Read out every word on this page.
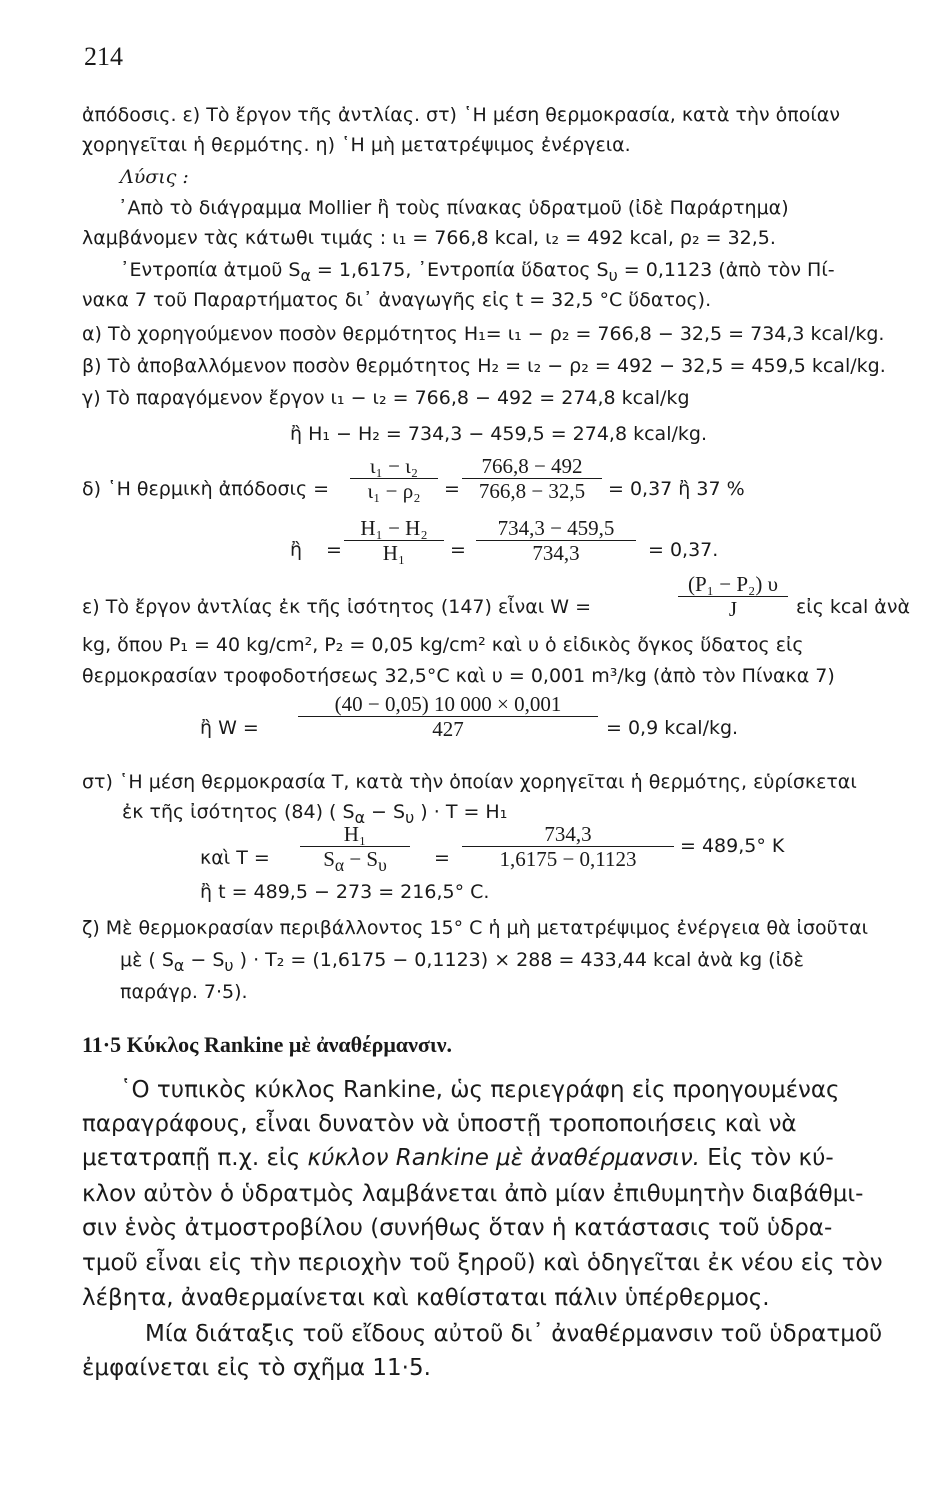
214
ἀπόδοσις. ε) Τὸ ἔργον τῆς ἀντλίας. στ) ῾Η μέση θερμοκρασία, κατὰ τὴν ὁποίαν
χορηγεῖται ἡ θερμότης. η) ῾Η μὴ μετατρέψιμος ἐνέργεια.
Λύσις :
᾿Απὸ τὸ διάγραμμα Mollier ἢ τοὺς πίνακας ὑδρατμοῦ (ἰδὲ Παράρτημα)
λαμβάνομεν τὰς κάτωθι τιμάς : ι₁ = 766,8 kcal, ι₂ = 492 kcal, ρ₂ = 32,5.
᾿Εντροπία ἀτμοῦ $S_\alpha = 1,6175$, ᾿Εντροπία ὕδατος $S_\upsilon = 0,1123$ (ἀπὸ τὸν Πί-
νακα 7 τοῦ Παραρτήματος δι᾿ ἀναγωγῆς εἰς t = 32,5 °C ὕδατος).
α) Τὸ χορηγούμενον ποσὸν θερμότητος H₁= ι₁ − ρ₂ = 766,8 − 32,5 = 734,3 kcal/kg.
β) Τὸ ἀποβαλλόμενον ποσὸν θερμότητος H₂ = ι₂ − ρ₂ = 492 − 32,5 = 459,5 kcal/kg.
γ) Τὸ παραγόμενον ἔργον ι₁ − ι₂ = 766,8 − 492 = 274,8 kcal/kg
ἢ H₁ − H₂ = 734,3 − 459,5 = 274,8 kcal/kg.
δ) ῾Η θερμικὴ ἀπόδοσις = $\frac{\text{ι₁ − ι₂}}{\text{ι₁ − ρ₂}} = \frac{766,8 - 492}{766,8 - 32,5} = 0,37$ ἢ 37 %
ἢ = $\frac{\text{H₁ − H₂}}{\text{H₁}} = \frac{734,3 - 459,5}{734,3} = 0,37$.
ε) Τὸ ἔργον ἀντλίας ἐκ τῆς ἰσότητος (147) εἶναι W =	$\frac{\text{(P₁ − P₂) υ}}{J}$ εἰς kcal ἀνὰ
kg, ὅπου P₁ = 40 kg/cm², P₂ = 0,05 kg/cm² καὶ υ ὁ εἰδικὸς ὄγκος ὕδατος εἰς
θερμοκρασίαν τροφοδοτήσεως 32,5°C καὶ υ = 0,001 m³/kg (ἀπὸ τὸν Πίνακα 7)
ἢ $W = \frac{(40 - 0,05) 10 000 \times 0,001}{427} = 0,9$ kcal/kg.
στ) ῾Η μέση θερμοκρασία T, κατὰ τὴν ὁποίαν χορηγεῖται ἡ θερμότης, εὑρίσκεται
ἐκ τῆς ἰσότητος (84) ( $S_\alpha - S_\upsilon$ ) · T = H₁
καὶ $T = \frac{\text{H₁}}{S_\alpha - S_\upsilon} = \frac{734,3}{1,6175 - 0,1123} = 489,5^\circ$ K
ἢ t = 489,5 − 273 = 216,5° C.
ζ) Μὲ θερμοκρασίαν περιβάλλοντος 15° C ἡ μὴ μετατρέψιμος ἐνέργεια θὰ ἰσοῦται
μὲ ( $S_\alpha - S_\upsilon$ ) · T₂ = (1,6175 − 0,1123) × 288 = 433,44 kcal ἀνὰ kg (ἰδὲ
παράγρ. 7·5).
11·5 Κύκλος Rankine μὲ ἀναθέρμανσιν.
῾Ο τυπικὸς κύκλος Rankine, ὡς περιεγράφη εἰς προηγουμένας
παραγράφους, εἶναι δυνατὸν νὰ ὑποστῇ τροποποιήσεις καὶ νὰ
μετατραπῇ π.χ. εἰς κύκλον Rankine μὲ ἀναθέρμανσιν. Εἰς τὸν κύ-
κλον αὐτὸν ὁ ὑδρατμὸς λαμβάνεται ἀπὸ μίαν ἐπιθυμητὴν διαβάθμι-
σιν ἑνὸς ἀτμοστροβίλου (συνήθως ὅταν ἡ κατάστασις τοῦ ὑδρα-
τμοῦ εἶναι εἰς τὴν περιοχὴν τοῦ ξηροῦ) καὶ ὁδηγεῖται ἐκ νέου εἰς τὸν
λέβητα, ἀναθερμαίνεται καὶ καθίσταται πάλιν ὑπέρθερμος.
Μία διάταξις τοῦ εἴδους αὐτοῦ δι᾿ ἀναθέρμανσιν τοῦ ὑδρατμοῦ
ἐμφαίνεται εἰς τὸ σχῆμα 11·5.
